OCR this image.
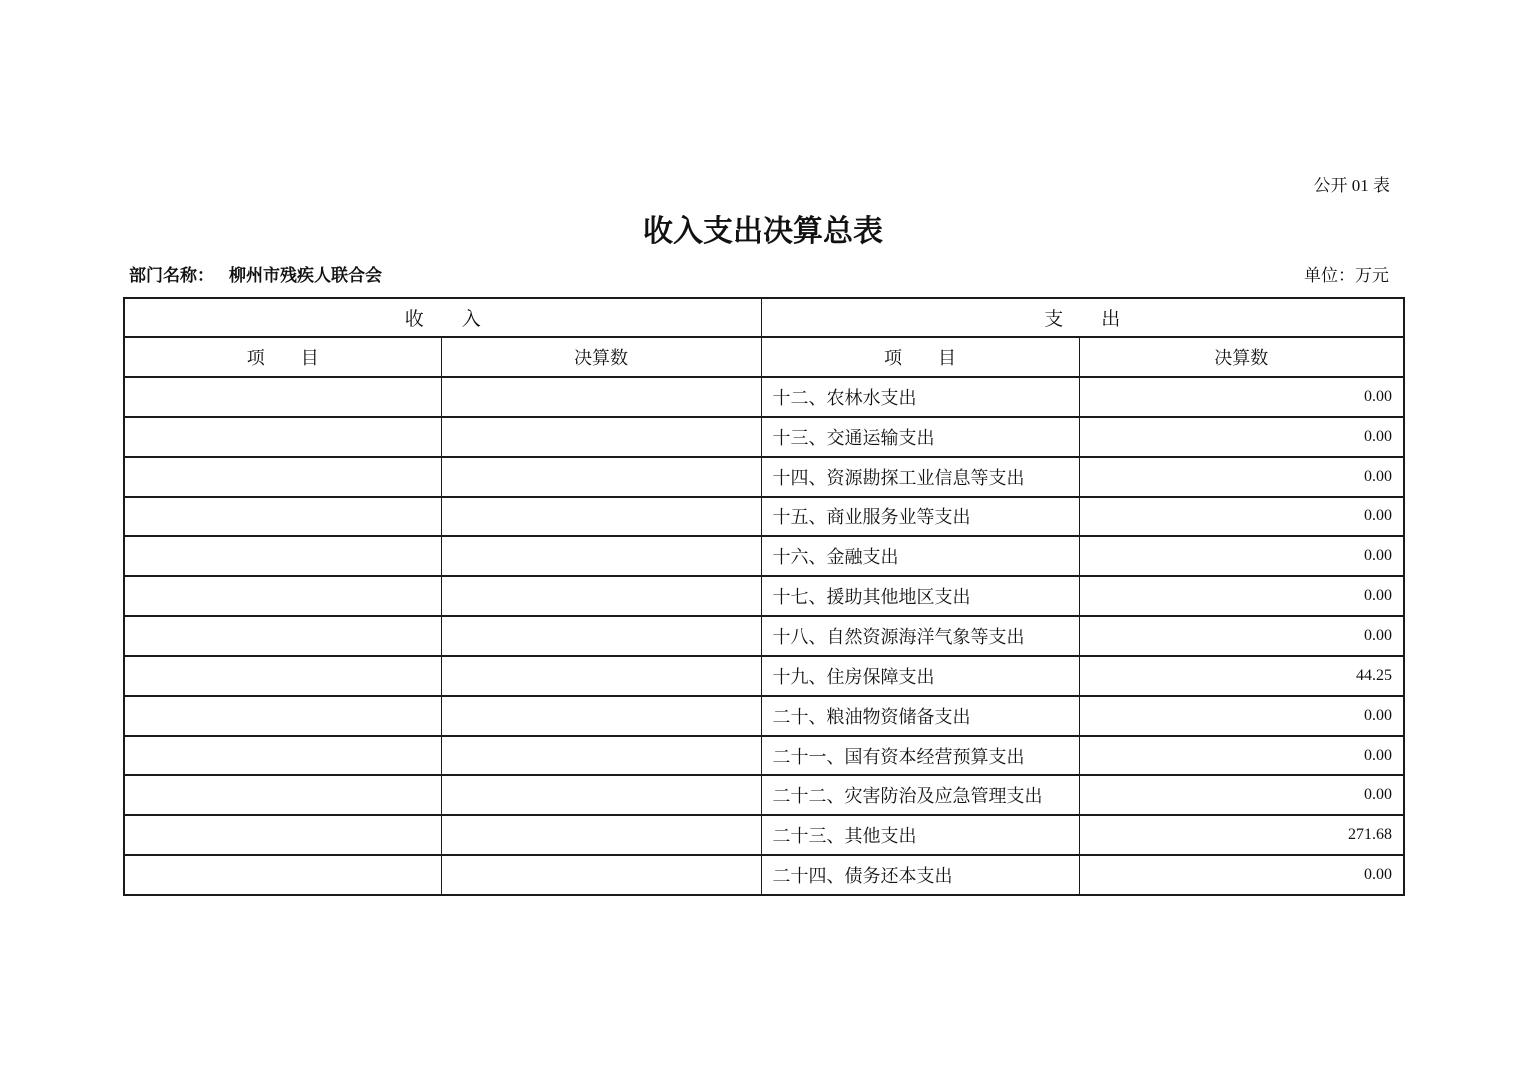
公开 01 表
收入支出决算总表
部门名称： 柳州市残疾人联合会	单位：万元
收　　入		支　　出	
项　　目	决算数	项　　目	决算数
		十二、农林水支出	0.00
		十三、交通运输支出	0.00
		十四、资源勘探工业信息等支出	0.00
		十五、商业服务业等支出	0.00
		十六、金融支出	0.00
		十七、援助其他地区支出	0.00
		十八、自然资源海洋气象等支出	0.00
		十九、住房保障支出	44.25
		二十、粮油物资储备支出	0.00
		二十一、国有资本经营预算支出	0.00
		二十二、灾害防治及应急管理支出	0.00
		二十三、其他支出	271.68
		二十四、债务还本支出	0.00
